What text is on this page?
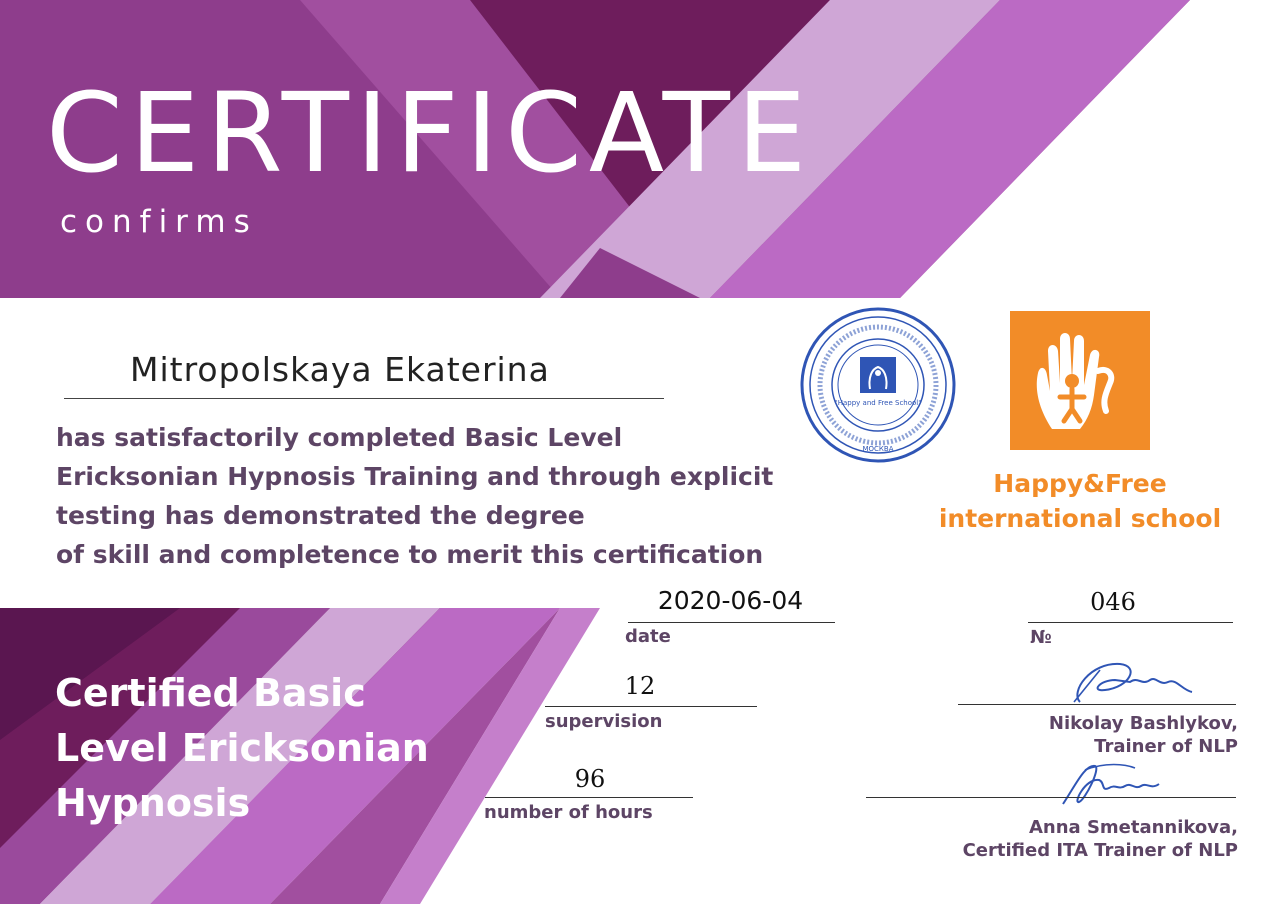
CERTIFICATE
confirms
Mitropolskaya Ekaterina
has satisfactorily completed Basic Level
Ericksonian Hypnosis Training and through explicit
testing has demonstrated the degree
of skill and completence to merit this certification
Certified Basic
Level Ericksonian
Hypnosis
2020-06-04
date
046
№
12
supervision
96
number of hours
Nikolay Bashlykov,
Trainer of NLP
Anna Smetannikova,
Certified ITA Trainer of NLP
"Happy and Free School"
МОСКВА
Happy&Free
international school
